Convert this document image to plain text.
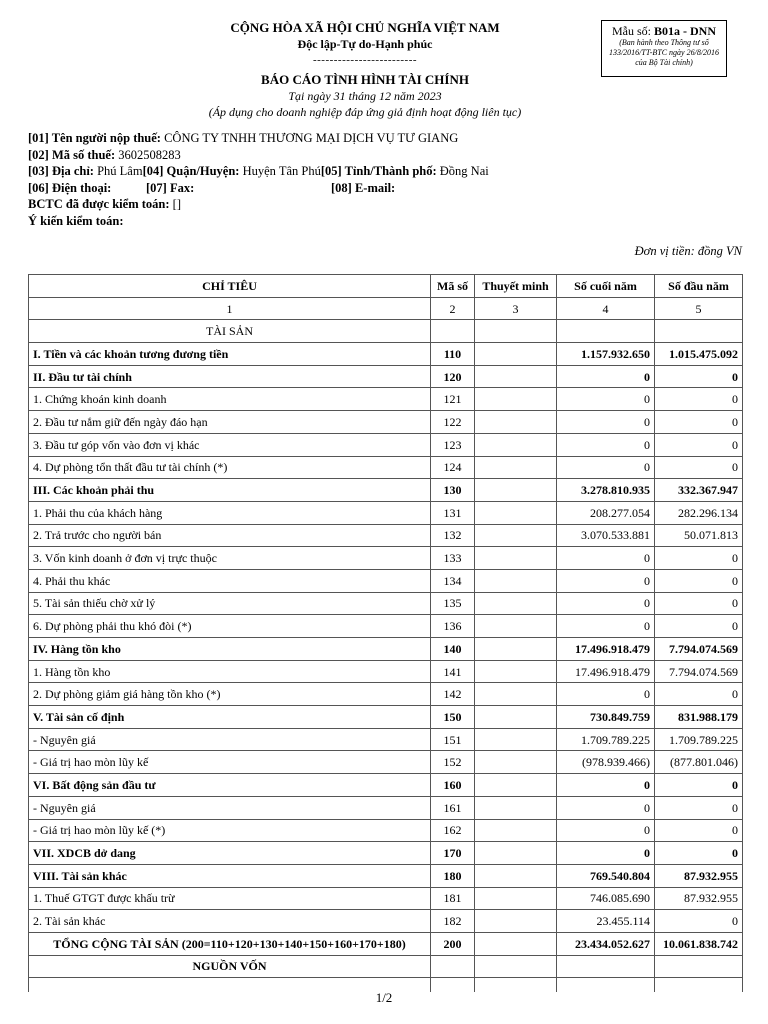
CỘNG HÒA XÃ HỘI CHỦ NGHĨA VIỆT NAM
Độc lập-Tự do-Hạnh phúc
-------------------------
BÁO CÁO TÌNH HÌNH TÀI CHÍNH
Tại ngày 31 tháng 12 năm 2023
(Áp dụng cho doanh nghiệp đáp ứng giả định hoạt động liên tục)
Mẫu số: B01a - DNN
(Ban hành theo Thông tư số 133/2016/TT-BTC ngày 26/8/2016 của Bộ Tài chính)
[01] Tên người nộp thuế: CÔNG TY TNHH THƯƠNG MẠI DỊCH VỤ TƯ GIANG
[02] Mã số thuế: 3602508283
[03] Địa chỉ: Phú Lâm[04] Quận/Huyện: Huyện Tân Phú[05] Tỉnh/Thành phố: Đồng Nai
[06] Điện thoại:	[07] Fax:	[08] E-mail:
BCTC đã được kiểm toán: []
Ý kiến kiểm toán:
Đơn vị tiền: đồng VN
CHỈ TIÊU	Mã số	Thuyết minh	Số cuối năm	Số đầu năm
1	2	3	4	5
TÀI SẢN				
I. Tiền và các khoản tương đương tiền	110		1.157.932.650	1.015.475.092
II. Đầu tư tài chính	120		0	0
1. Chứng khoán kinh doanh	121		0	0
2. Đầu tư nắm giữ đến ngày đáo hạn	122		0	0
3. Đầu tư góp vốn vào đơn vị khác	123		0	0
4. Dự phòng tổn thất đầu tư tài chính (*)	124		0	0
III. Các khoản phải thu	130		3.278.810.935	332.367.947
1. Phải thu của khách hàng	131		208.277.054	282.296.134
2. Trả trước cho người bán	132		3.070.533.881	50.071.813
3. Vốn kinh doanh ở đơn vị trực thuộc	133		0	0
4. Phải thu khác	134		0	0
5. Tài sản thiếu chờ xử lý	135		0	0
6. Dự phòng phải thu khó đòi (*)	136		0	0
IV. Hàng tồn kho	140		17.496.918.479	7.794.074.569
1. Hàng tồn kho	141		17.496.918.479	7.794.074.569
2. Dự phòng giảm giá hàng tồn kho (*)	142		0	0
V. Tài sản cố định	150		730.849.759	831.988.179
- Nguyên giá	151		1.709.789.225	1.709.789.225
- Giá trị hao mòn lũy kế	152		(978.939.466)	(877.801.046)
VI. Bất động sản đầu tư	160		0	0
- Nguyên giá	161		0	0
- Giá trị hao mòn lũy kế (*)	162		0	0
VII. XDCB dở dang	170		0	0
VIII. Tài sản khác	180		769.540.804	87.932.955
1. Thuế GTGT được khấu trừ	181		746.085.690	87.932.955
2. Tài sản khác	182		23.455.114	0
TỔNG CỘNG TÀI SẢN (200=110+120+130+140+150+160+170+180)	200		23.434.052.627	10.061.838.742
NGUỒN VỐN				

1/2
